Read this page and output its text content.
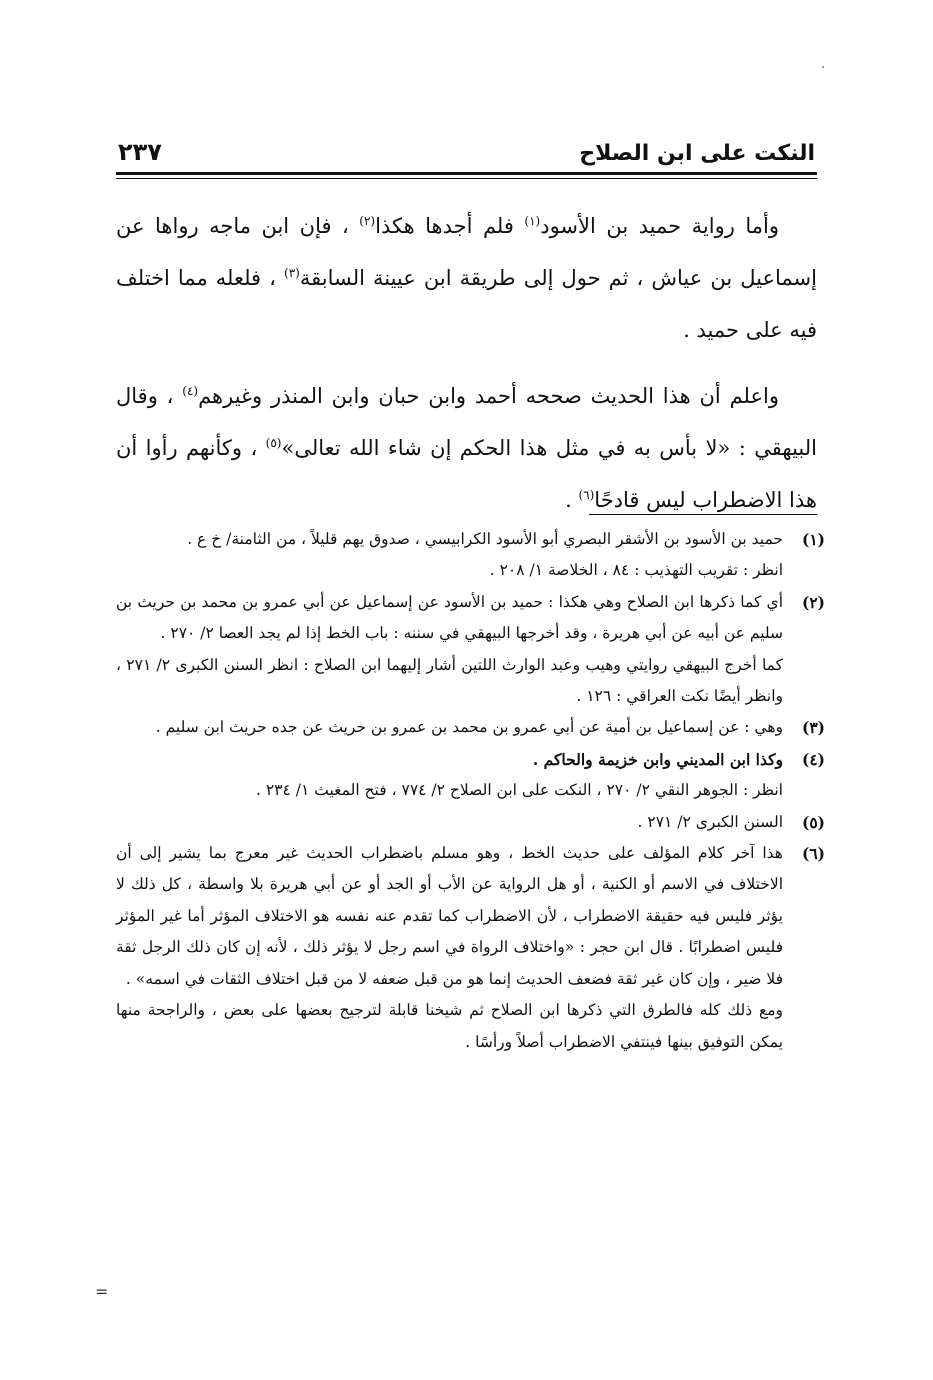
النكت على ابن الصلاح
٢٣٧

وأما رواية حميد بن الأسود$^{(١)}$ فلم أجدها هكذا$^{(٢)}$ ، فإن ابن ماجه رواها عن إسماعيل بن عياش ، ثم حول إلى طريقة ابن عيينة السابقة$^{(٣)}$ ، فلعله مما اختلف فيه على حميد .

واعلم أن هذا الحديث صححه أحمد وابن حبان وابن المنذر وغيرهم$^{(٤)}$ ، وقال البيهقي : «لا بأس به في مثل هذا الحكم إن شاء الله تعالى»$^{(٥)}$ ، وكأنهم رأوا أن هذا الاضطراب ليس قادحًا$^{(٦)}$ .

(١)

حميد بن الأسود بن الأشقر البصري أبو الأسود الكرابيسي ، صدوق يهم قليلاً ، من الثامنة/ خ ع .

انظر : تقريب التهذيب : ٨٤ ، الخلاصة ١/ ٢٠٨ .

(٢)

أي كما ذكرها ابن الصلاح وهي هكذا : حميد بن الأسود عن إسماعيل عن أبي عمرو بن محمد بن حريث بن سليم عن أبيه عن أبي هريرة ، وقد أخرجها البيهقي في سننه : باب الخط إذا لم يجد العصا ٢/ ٢٧٠ .

كما أخرج البيهقي روايتي وهيب وعبد الوارث اللتين أشار إليهما ابن الصلاح : انظر السنن الكبرى ٢/ ٢٧١ ، وانظر أيضًا نكت العراقي : ١٢٦ .

(٣)

وهي : عن إسماعيل بن أمية عن أبي عمرو بن محمد بن عمرو بن حريث عن جده حريث ابن سليم .

(٤)

وكذا ابن المديني وابن خزيمة والحاكم .

انظر : الجوهر النقي ٢/ ٢٧٠ ، النكت على ابن الصلاح ٢/ ٧٧٤ ، فتح المغيث ١/ ٢٣٤ .

(٥)

السنن الكبرى ٢/ ٢٧١ .

(٦)

هذا آخر كلام المؤلف على حديث الخط ، وهو مسلم باضطراب الحديث غير معرج بما يشير إلى أن الاختلاف في الاسم أو الكنية ، أو هل الرواية عن الأب أو الجد أو عن أبي هريرة بلا واسطة ، كل ذلك لا يؤثر فليس فيه حقيقة الاضطراب ، لأن الاضطراب كما تقدم عنه نفسه هو الاختلاف المؤثر أما غير المؤثر فليس اضطرابًا . قال ابن حجر : «واختلاف الرواة في اسم رجل لا يؤثر ذلك ، لأنه إن كان ذلك الرجل ثقة فلا ضير ، وإن كان غير ثقة فضعف الحديث إنما هو من قبل ضعفه لا من قبل اختلاف الثقات في اسمه» .

ومع ذلك كله فالطرق التي ذكرها ابن الصلاح ثم شيخنا قابلة لترجيح بعضها على بعض ، والراجحة منها يمكن التوفيق بينها فينتفي الاضطراب أصلاً ورأسًا .

=
